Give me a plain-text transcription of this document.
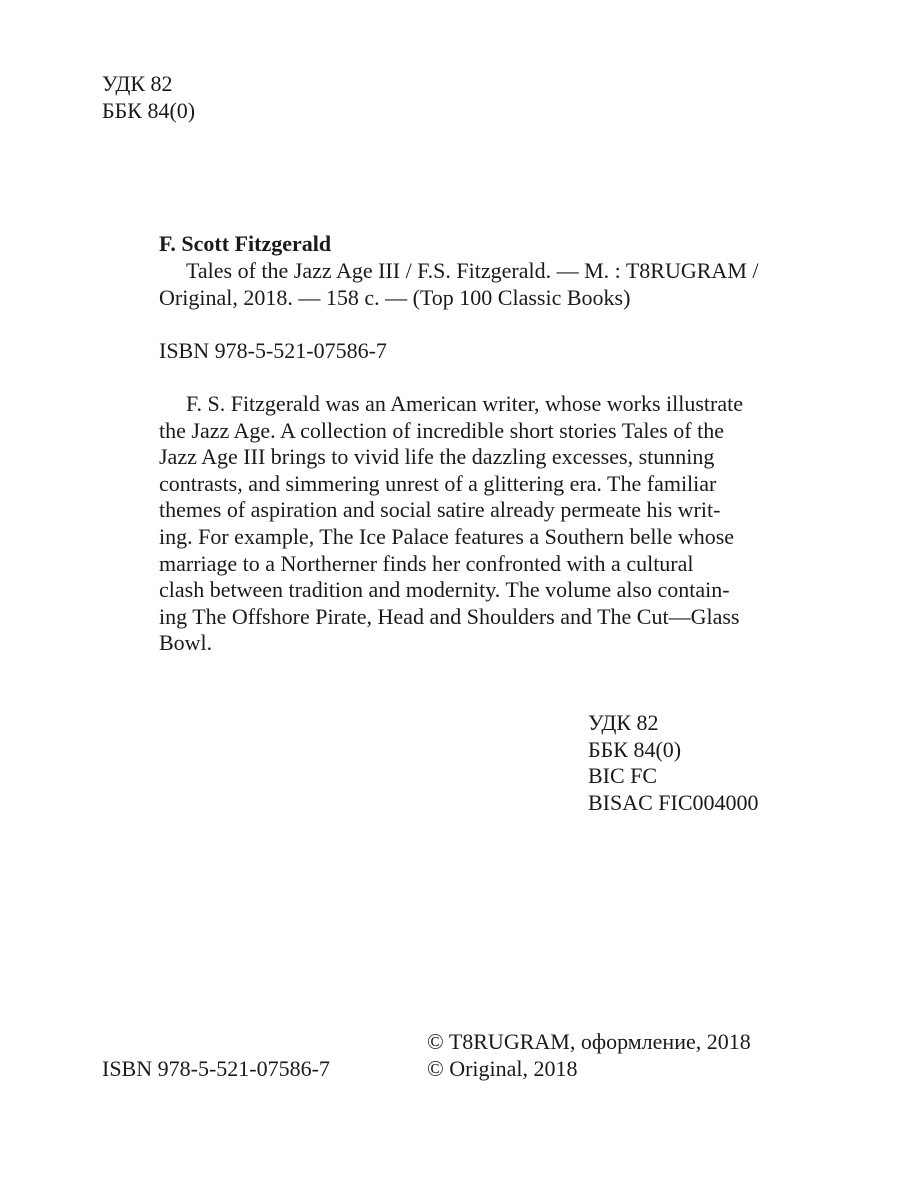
УДК 82
ББК 84(0)
F. Scott Fitzgerald
Tales of the Jazz Age III / F.S. Fitzgerald. — M. : T8RUGRAM /
Original, 2018. — 158 c. — (Top 100 Classic Books)
ISBN 978-5-521-07586-7
F. S. Fitzgerald was an American writer, whose works illustrate
the Jazz Age. A collection of incredible short stories Tales of the
Jazz Age III brings to vivid life the dazzling excesses, stunning
contrasts, and simmering unrest of a glittering era. The familiar
themes of aspiration and social satire already permeate his writ-
ing. For example, The Ice Palace features a Southern belle whose
marriage to a Northerner finds her confronted with a cultural
clash between tradition and modernity. The volume also contain-
ing The Offshore Pirate, Head and Shoulders and The Cut—Glass
Bowl.
УДК 82
ББК 84(0)
BIC FC
BISAC FIC004000
© T8RUGRAM, оформление, 2018
ISBN 978-5-521-07586-7	© Original, 2018
